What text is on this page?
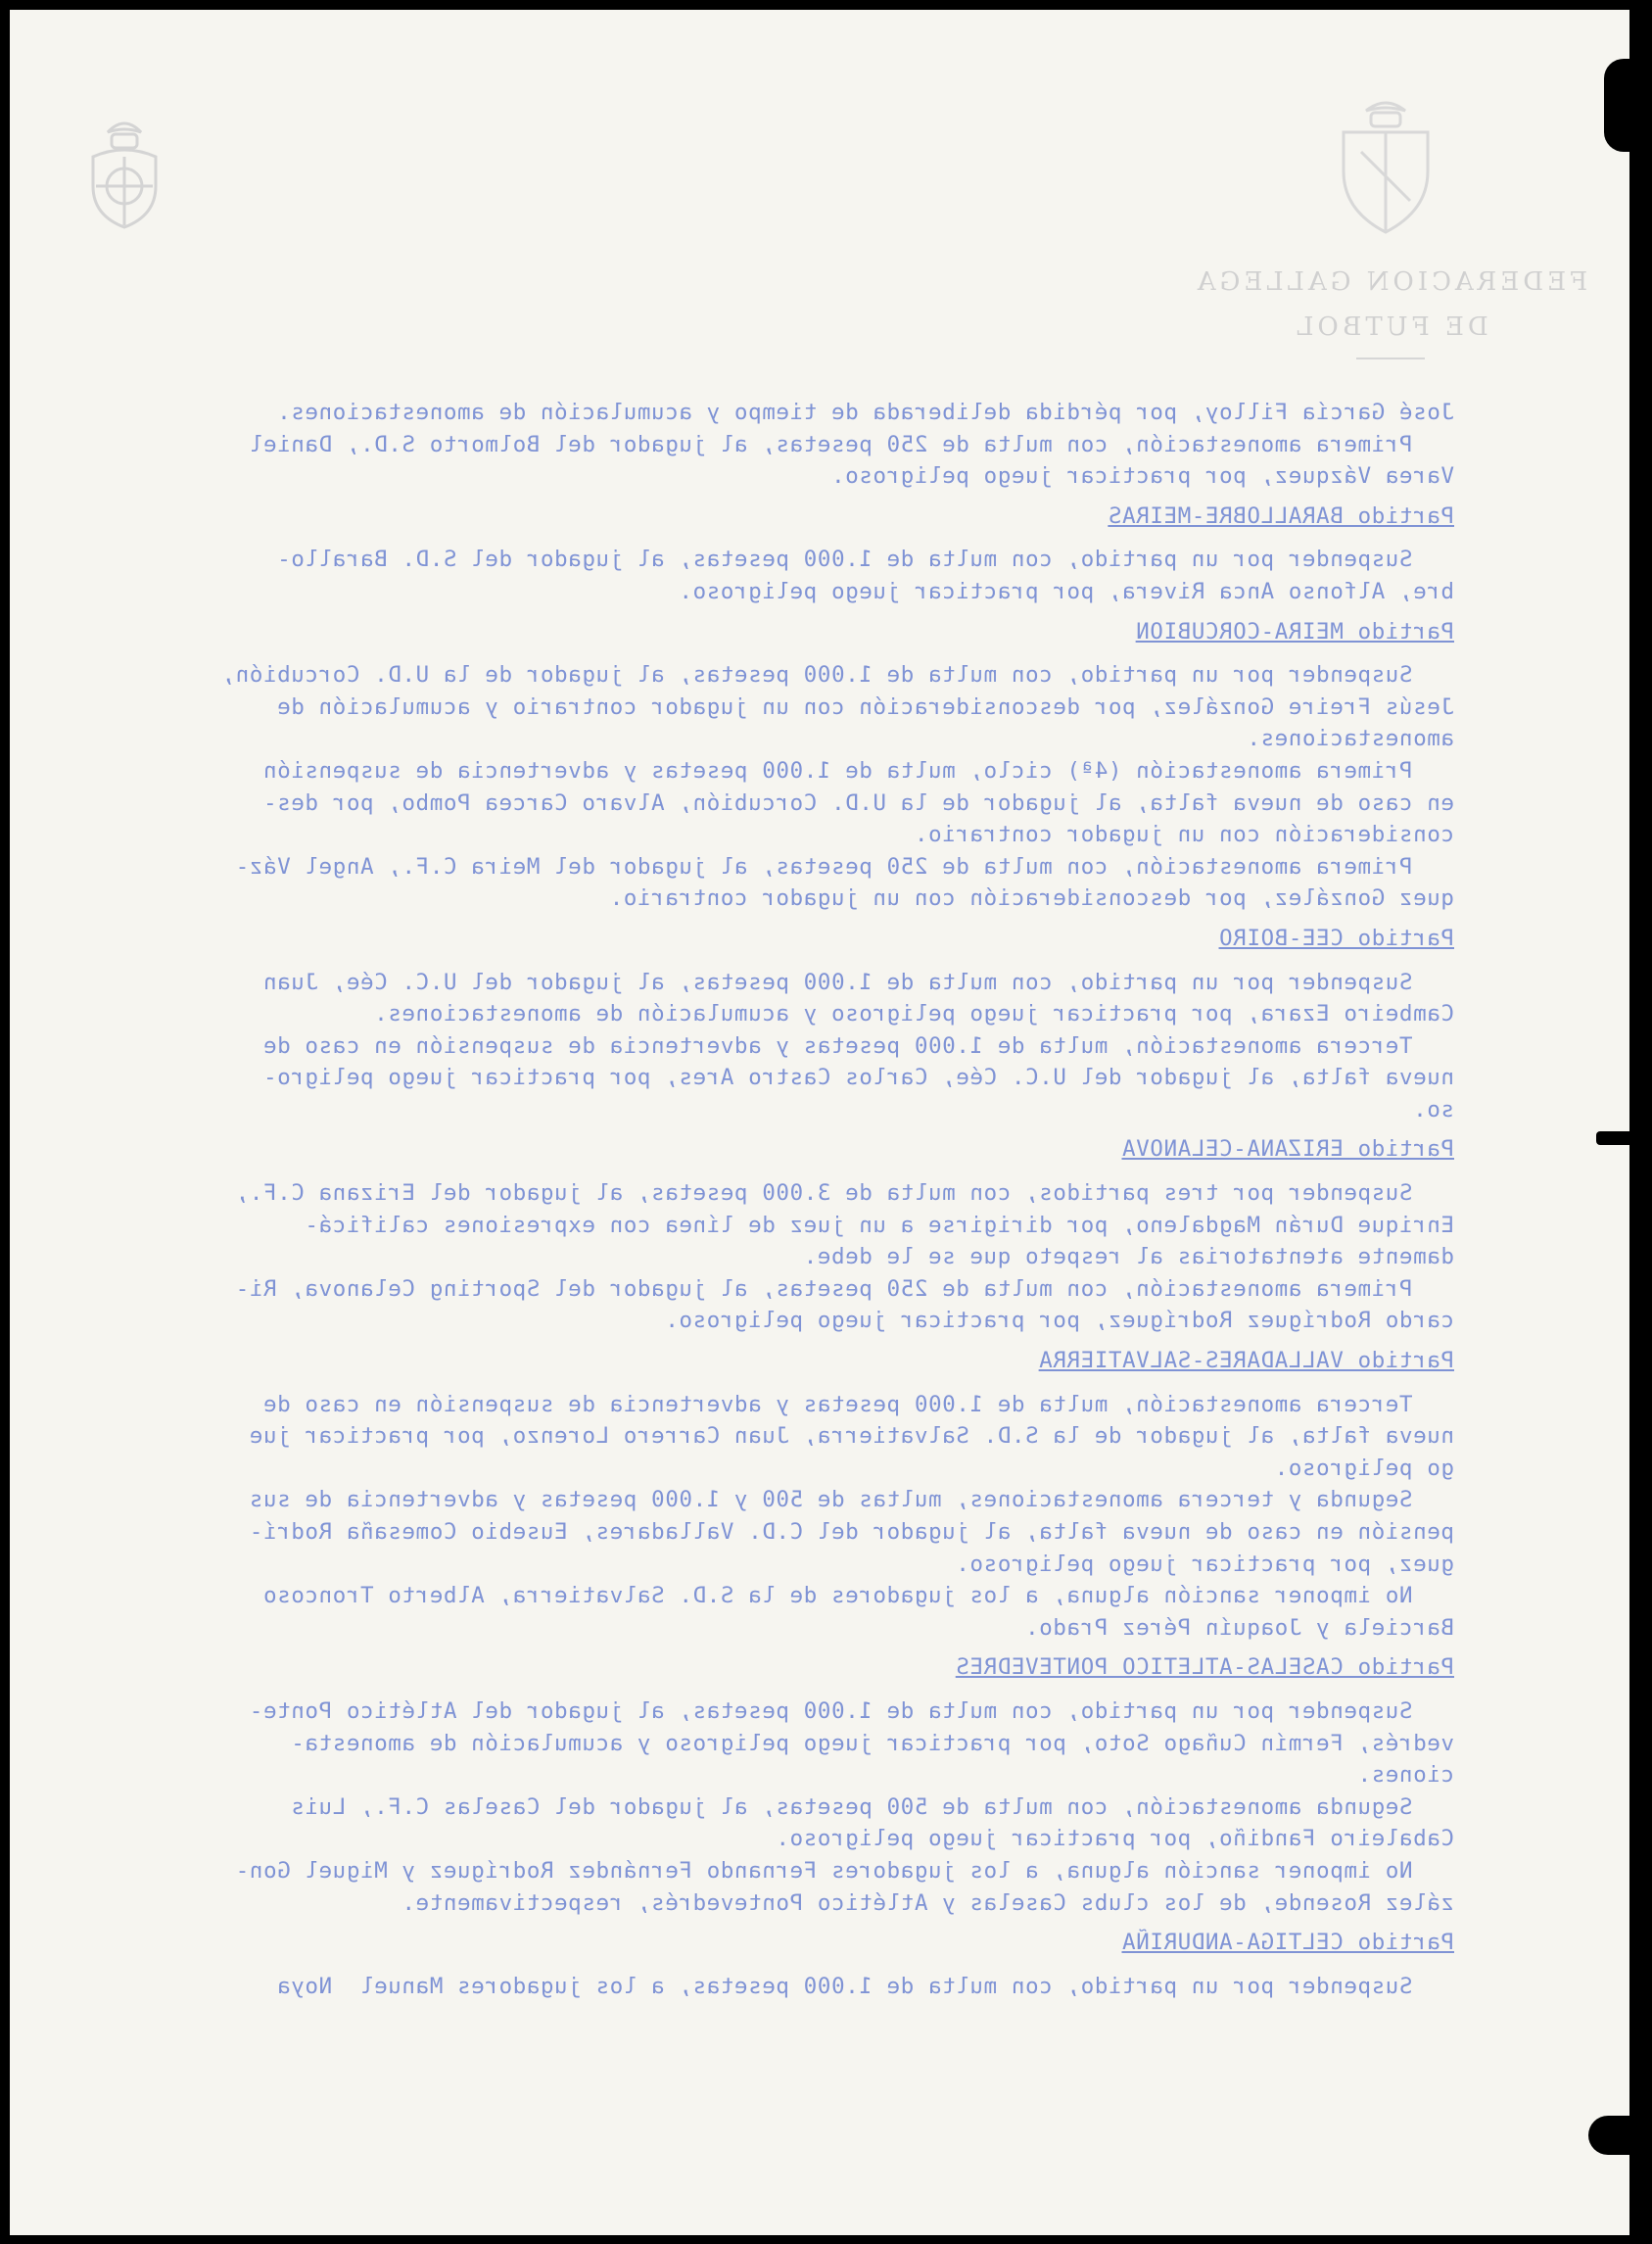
FEDERACION GALLEGA
DE FUTBOL
José García Filloy, por pérdida deliberada de tiempo y acumulación de amonestaciones.
Primera amonestación, con multa de 250 pesetas, al jugador del Bolmorto S.D., Daniel
Varea Vázquez, por practicar juego peligroso.
Partido BARALLOBRE-MEIRAS
Suspender por un partido, con multa de 1.000 pesetas, al jugador del S.D. Barallo-
bre, Alfonso Anca Rivera, por practicar juego peligroso.
Partido MEIRA-CORCUBION
Suspender por un partido, con multa de 1.000 pesetas, al jugador de la U.D. Corcubión,
Jesús Freire González, por desconsideración con un jugador contrario y acumulación de
amonestaciones.
Primera amonestación (4ª) ciclo, multa de 1.000 pesetas y advertencia de suspensión
en caso de nueva falta, al jugador de la U.D. Corcubión, Alvaro Carcea Pombo, por des-
consideración con un jugador contrario.
Primera amonestación, con multa de 250 pesetas, al jugador del Meira C.F., Angel Váz-
quez González, por desconsideración con un jugador contrario.
Partido CEE-BOIRO
Suspender por un partido, con multa de 1.000 pesetas, al jugador del U.C. Cée, Juan
Cambeiro Ezara, por practicar juego peligroso y acumulación de amonestaciones.
Tercera amonestación, multa de 1.000 pesetas y advertencia de suspensión en caso de
nueva falta, al jugador del U.C. Cée, Carlos Castro Ares, por practicar juego peligro-
so.
Partido ERIZANA-CELANOVA
Suspender por tres partidos, con multa de 3.000 pesetas, al jugador del Erizana C.F.,
Enrique Durán Magdaleno, por dirigirse a un juez de línea con expresiones calificá-
damente atentatorias al respeto que se le debe.
Primera amonestación, con multa de 250 pesetas, al jugador del Sporting Celanova, Ri-
cardo Rodríguez Rodríguez, por practicar juego peligroso.
Partido VALLADARES-SALVATIERRA
Tercera amonestación, multa de 1.000 pesetas y advertencia de suspensión en caso de
nueva falta, al jugador de la S.D. Salvatierra, Juan Carrero Lorenzo, por practicar jue
go peligroso.
Segunda y tercera amonestaciones, multas de 500 y 1.000 pesetas y advertencia de sus
pensión en caso de nueva falta, al jugador del C.D. Valladares, Eusebio Comesaña Rodrí-
guez, por practicar juego peligroso.
No imponer sanción alguna, a los jugadores de la S.D. Salvatierra, Alberto Troncoso
Barciela y Joaquín Pérez Prado.
Partido CASELAS-ATLETICO PONTEVEDRES
Suspender por un partido, con multa de 1.000 pesetas, al jugador del Atlético Ponte-
vedrés, Fermín Cuñago Soto, por practicar juego peligroso y acumulación de amonesta-
ciones.
Segunda amonestación, con multa de 500 pesetas, al jugador del Caselas C.F., Luis
Cabaleiro Fandiño, por practicar juego peligroso.
No imponer sanción alguna, a los jugadores Fernando Fernández Rodríguez y Miguel Gon-
zález Rosende, de los clubs Caselas y Atlético Pontevedrés, respectivamente.
Partido CELTIGA-ANDURIÑA
Suspender por un partido, con multa de 1.000 pesetas, a los jugadores Manuel  Noya
